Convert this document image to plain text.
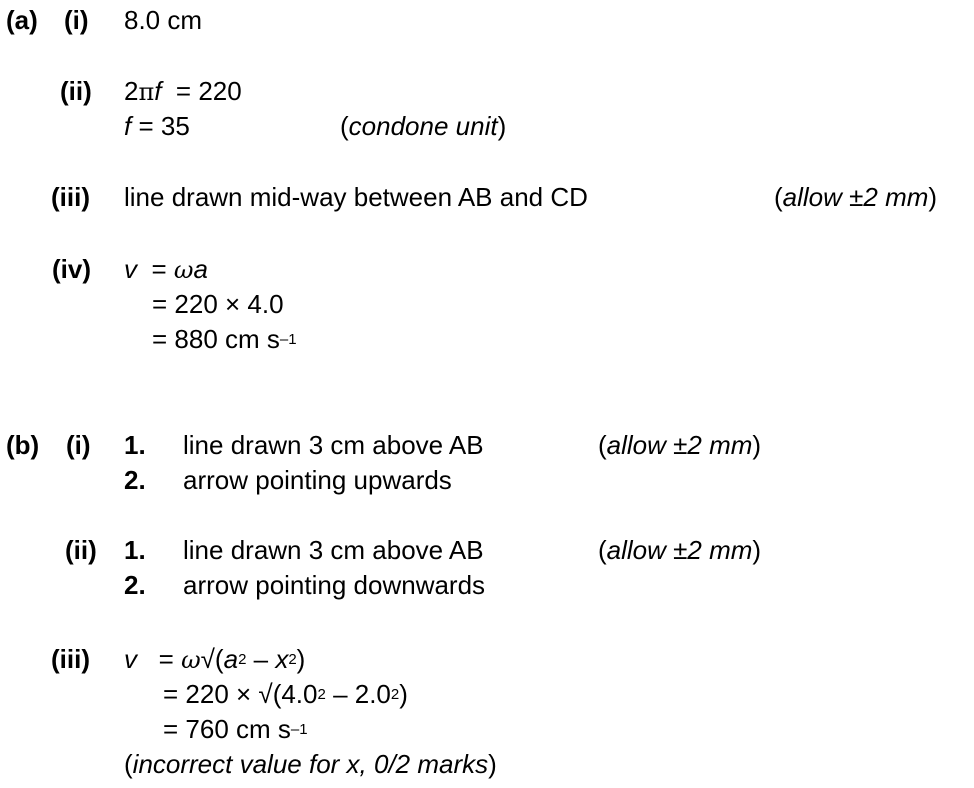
(a) (i) 8.0 cm
(ii) 2πf  = 220
f = 35	(condone unit)
(iii) line drawn mid-way between AB and CD	(allow ±2 mm)
(iv) v  = ωa
= 220 × 4.0
= 880 cm $s^{-1}$
(b) (i) 1. line drawn 3 cm above AB	(allow ±2 mm)
2. arrow pointing upwards
(ii) 1. line drawn 3 cm above AB	(allow ±2 mm)
2. arrow pointing downwards
(iii) $v = \omega√(a^2 - x^2)$
= $220 \times √(4.0^2 - 2.0^2)$
= 760 cm $s^{-1}$
(incorrect value for x, 0/2 marks)
